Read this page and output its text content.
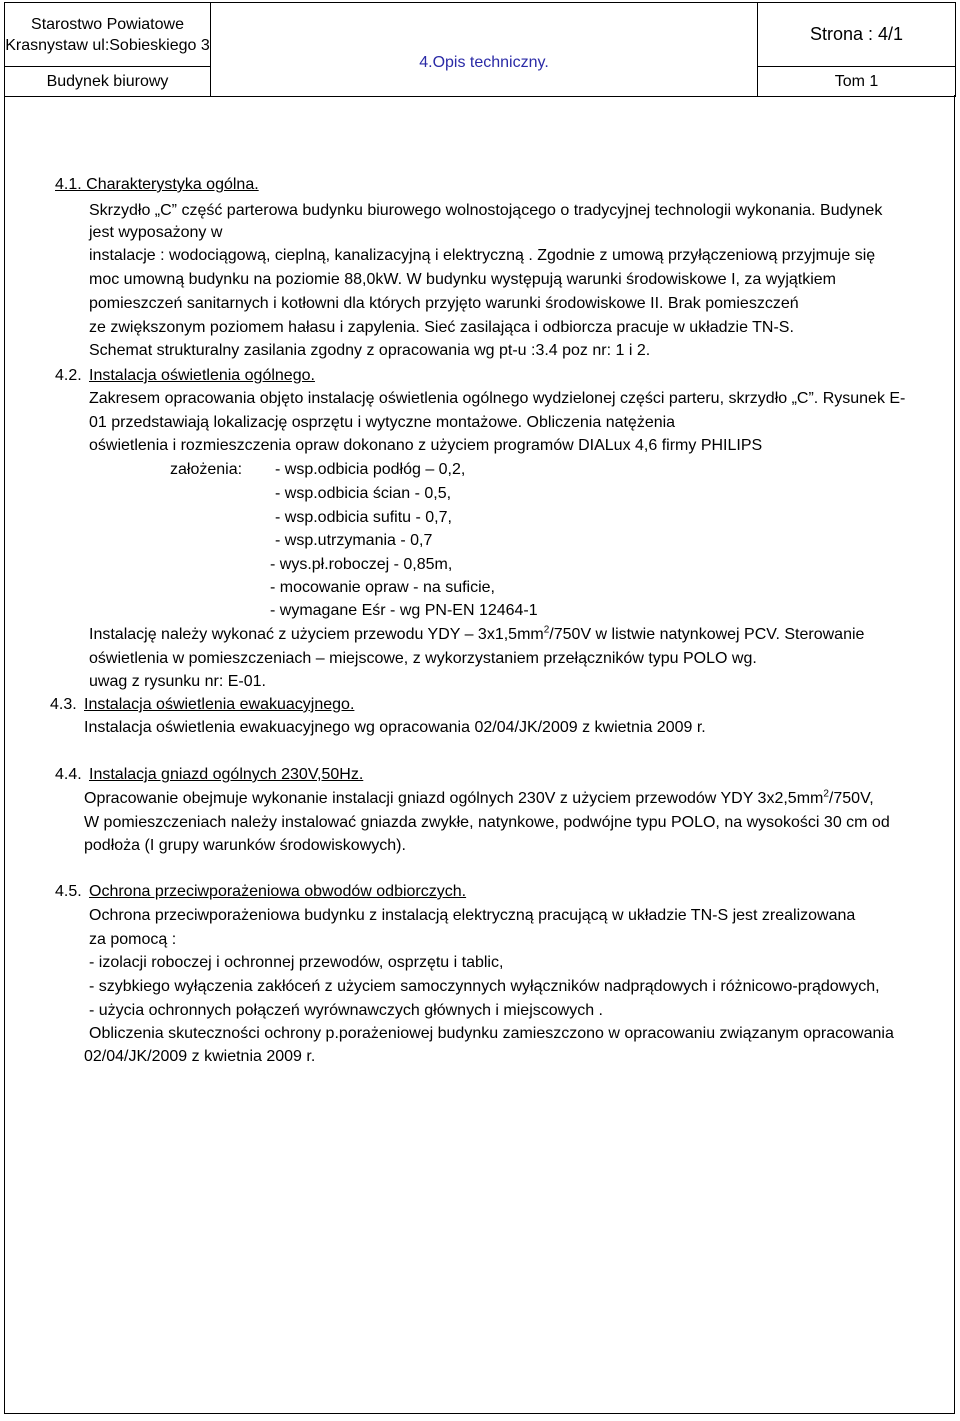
Starostwo Powiatowe
Krasnystaw ul:Sobieskiego 3	4.Opis techniczny.	Strona : 4/1
Budynek biurowy		Tom 1
4.1. Charakterystyka ogólna.
Skrzydło „C” część parterowa budynku biurowego wolnostojącego o tradycyjnej technologii wykonania. Budynek
jest wyposażony w
instalacje : wodociągową, cieplną, kanalizacyjną i elektryczną . Zgodnie z umową przyłączeniową przyjmuje się
moc umowną budynku na poziomie 88,0kW. W budynku występują warunki środowiskowe I, za wyjątkiem
pomieszczeń sanitarnych i kotłowni dla których przyjęto warunki środowiskowe II. Brak pomieszczeń
ze zwiększonym poziomem hałasu i zapylenia. Sieć zasilająca i odbiorcza pracuje w układzie TN-S.
Schemat strukturalny zasilania zgodny z opracowania wg pt-u :3.4 poz nr: 1 i 2.
4.2. Instalacja oświetlenia ogólnego.
Zakresem opracowania objęto instalację oświetlenia ogólnego wydzielonej części parteru, skrzydło „C”. Rysunek E-
01 przedstawiają lokalizację osprzętu i wytyczne montażowe. Obliczenia natężenia
oświetlenia i rozmieszczenia opraw dokonano z użyciem programów DIALux 4,6 firmy PHILIPS
założenia: - wsp.odbicia podłóg – 0,2,
- wsp.odbicia ścian - 0,5,
- wsp.odbicia sufitu - 0,7,
- wsp.utrzymania - 0,7
- wys.pł.roboczej - 0,85m,
- mocowanie opraw - na suficie,
- wymagane Eśr - wg PN-EN 12464-1
Instalację należy wykonać z użyciem przewodu YDY – $3x1,5mm^2/750V$ w listwie natynkowej PCV. Sterowanie
oświetlenia w pomieszczeniach – miejscowe, z wykorzystaniem przełączników typu POLO wg.
uwag z rysunku nr: E-01.
4.3. Instalacja oświetlenia ewakuacyjnego.
Instalacja oświetlenia ewakuacyjnego wg opracowania 02/04/JK/2009 z kwietnia 2009 r.
4.4. Instalacja gniazd ogólnych 230V,50Hz.
Opracowanie obejmuje wykonanie instalacji gniazd ogólnych 230V z użyciem przewodów YDY $3x2,5mm^2/750V$,
W pomieszczeniach należy instalować gniazda zwykłe, natynkowe, podwójne typu POLO, na wysokości 30 cm od
podłoża (I grupy warunków środowiskowych).
4.5. Ochrona przeciwporażeniowa obwodów odbiorczych.
Ochrona przeciwporażeniowa budynku z instalacją elektryczną pracującą w układzie TN-S jest zrealizowana
za pomocą :
- izolacji roboczej i ochronnej przewodów, osprzętu i tablic,
- szybkiego wyłączenia zakłóceń z użyciem samoczynnych wyłączników nadprądowych i różnicowo-prądowych,
- użycia ochronnych połączeń wyrównawczych głównych i miejscowych .
Obliczenia skuteczności ochrony p.porażeniowej budynku zamieszczono w opracowaniu związanym opracowania
02/04/JK/2009 z kwietnia 2009 r.
